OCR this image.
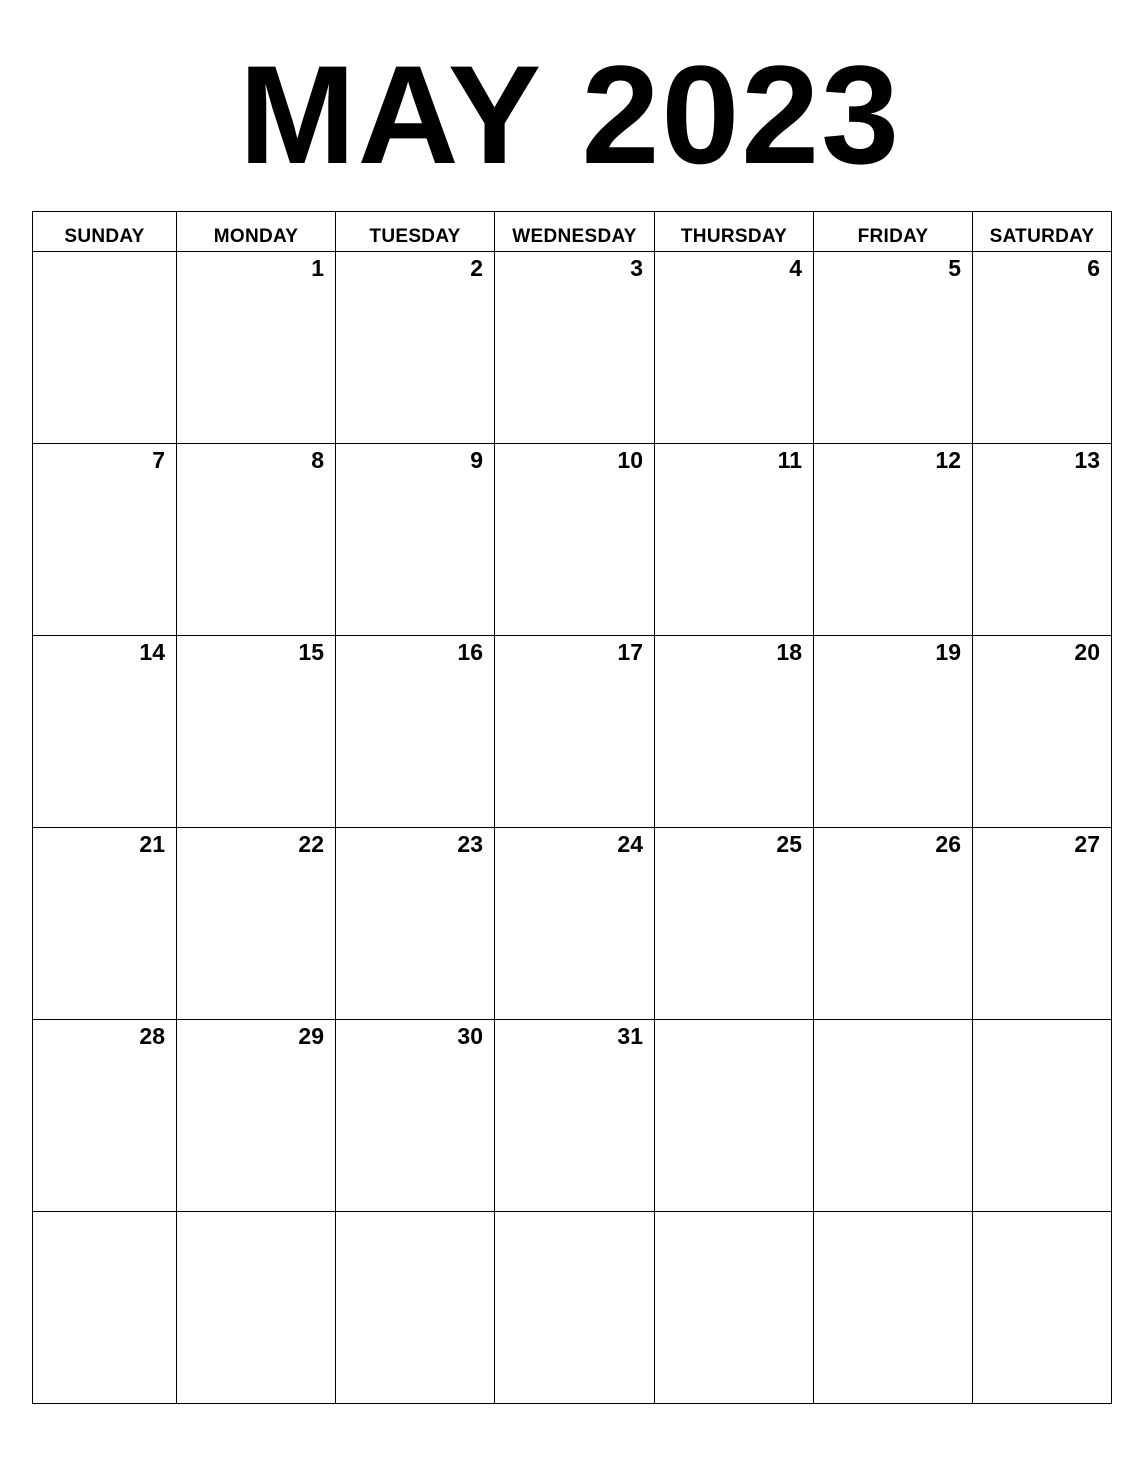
MAY 2023
SUNDAY	MONDAY	TUESDAY	WEDNESDAY	THURSDAY	FRIDAY	SATURDAY

	1	2	3	4	5	6

7	8	9	10	11	12	13

14	15	16	17	18	19	20

21	22	23	24	25	26	27

28	29	30	31			
